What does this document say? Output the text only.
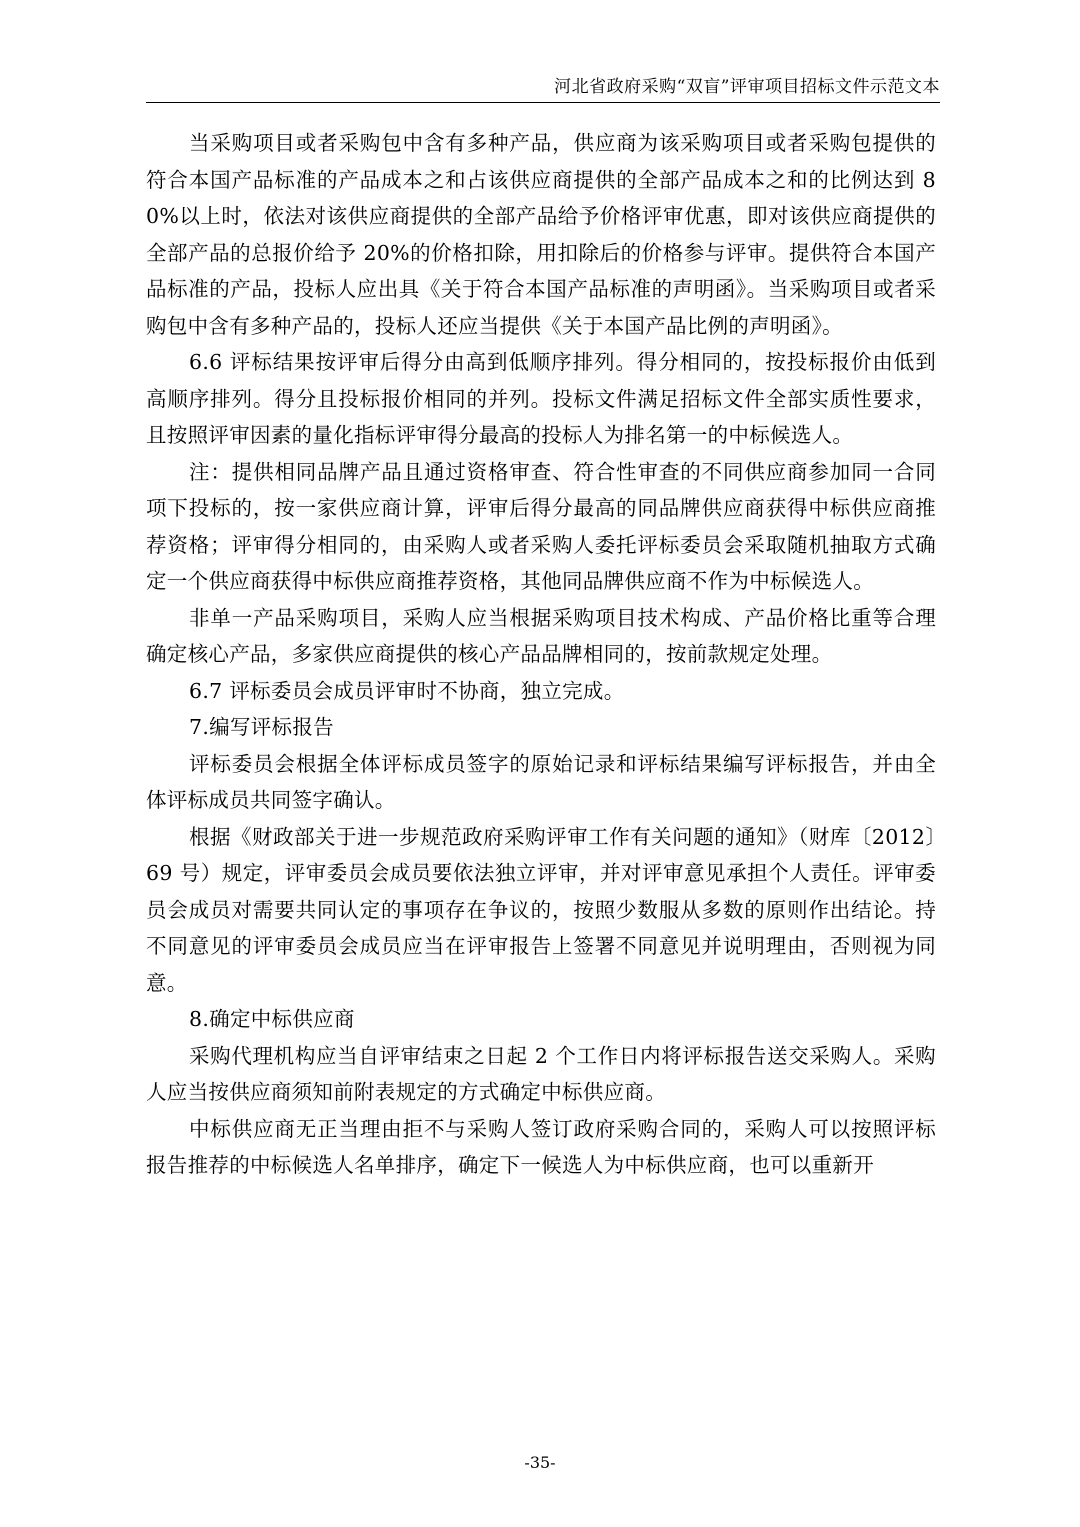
河北省政府采购“双盲”评审项目招标文件示范文本

当采购项目或者采购包中含有多种产品，供应商为该采购项目或者采购包提供的符合本国产品标准的产品成本之和占该供应商提供的全部产品成本之和的比例达到 80%以上时，依法对该供应商提供的全部产品给予价格评审优惠，即对该供应商提供的全部产品的总报价给予 20%的价格扣除，用扣除后的价格参与评审。提供符合本国产品标准的产品，投标人应出具《关于符合本国产品标准的声明函》。当采购项目或者采购包中含有多种产品的，投标人还应当提供《关于本国产品比例的声明函》。

6.6 评标结果按评审后得分由高到低顺序排列。得分相同的，按投标报价由低到高顺序排列。得分且投标报价相同的并列。投标文件满足招标文件全部实质性要求，且按照评审因素的量化指标评审得分最高的投标人为排名第一的中标候选人。

注：提供相同品牌产品且通过资格审查、符合性审查的不同供应商参加同一合同项下投标的，按一家供应商计算，评审后得分最高的同品牌供应商获得中标供应商推荐资格；评审得分相同的，由采购人或者采购人委托评标委员会采取随机抽取方式确定一个供应商获得中标供应商推荐资格，其他同品牌供应商不作为中标候选人。

非单一产品采购项目，采购人应当根据采购项目技术构成、产品价格比重等合理确定核心产品，多家供应商提供的核心产品品牌相同的，按前款规定处理。

6.7 评标委员会成员评审时不协商，独立完成。

7.编写评标报告

评标委员会根据全体评标成员签字的原始记录和评标结果编写评标报告，并由全体评标成员共同签字确认。

根据《财政部关于进一步规范政府采购评审工作有关问题的通知》（财库〔2012〕69 号）规定，评审委员会成员要依法独立评审，并对评审意见承担个人责任。评审委员会成员对需要共同认定的事项存在争议的，按照少数服从多数的原则作出结论。持不同意见的评审委员会成员应当在评审报告上签署不同意见并说明理由，否则视为同意。

8.确定中标供应商

采购代理机构应当自评审结束之日起 2 个工作日内将评标报告送交采购人。采购人应当按供应商须知前附表规定的方式确定中标供应商。

中标供应商无正当理由拒不与采购人签订政府采购合同的，采购人可以按照评标报告推荐的中标候选人名单排序，确定下一候选人为中标供应商，也可以重新开

-35-
